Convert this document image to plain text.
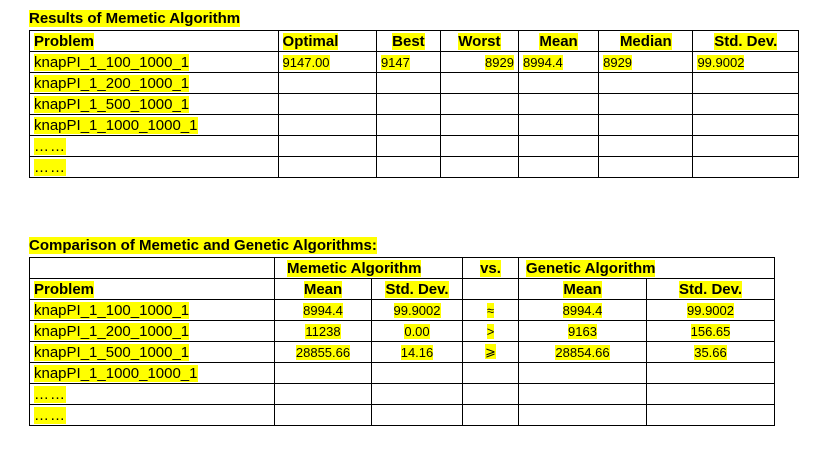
Results of Memetic Algorithm
Problem	Optimal	Best	Worst	Mean	Median	Std. Dev.
knapPI_1_100_1000_1	9147.00	9147	8929	8994.4	8929	99.9002
knapPI_1_200_1000_1						
knapPI_1_500_1000_1						
knapPI_1_1000_1000_1						
……						
……						
Comparison of Memetic and Genetic Algorithms:
	Memetic Algorithm		vs.	Genetic Algorithm	
Problem	Mean	Std. Dev.		Mean	Std. Dev.
knapPI_1_100_1000_1	8994.4	99.9002	≈	8994.4	99.9002
knapPI_1_200_1000_1	11238	0.00	>	9163	156.65
knapPI_1_500_1000_1	28855.66	14.16	⩾	28854.66	35.66
knapPI_1_1000_1000_1					
……					
……					
